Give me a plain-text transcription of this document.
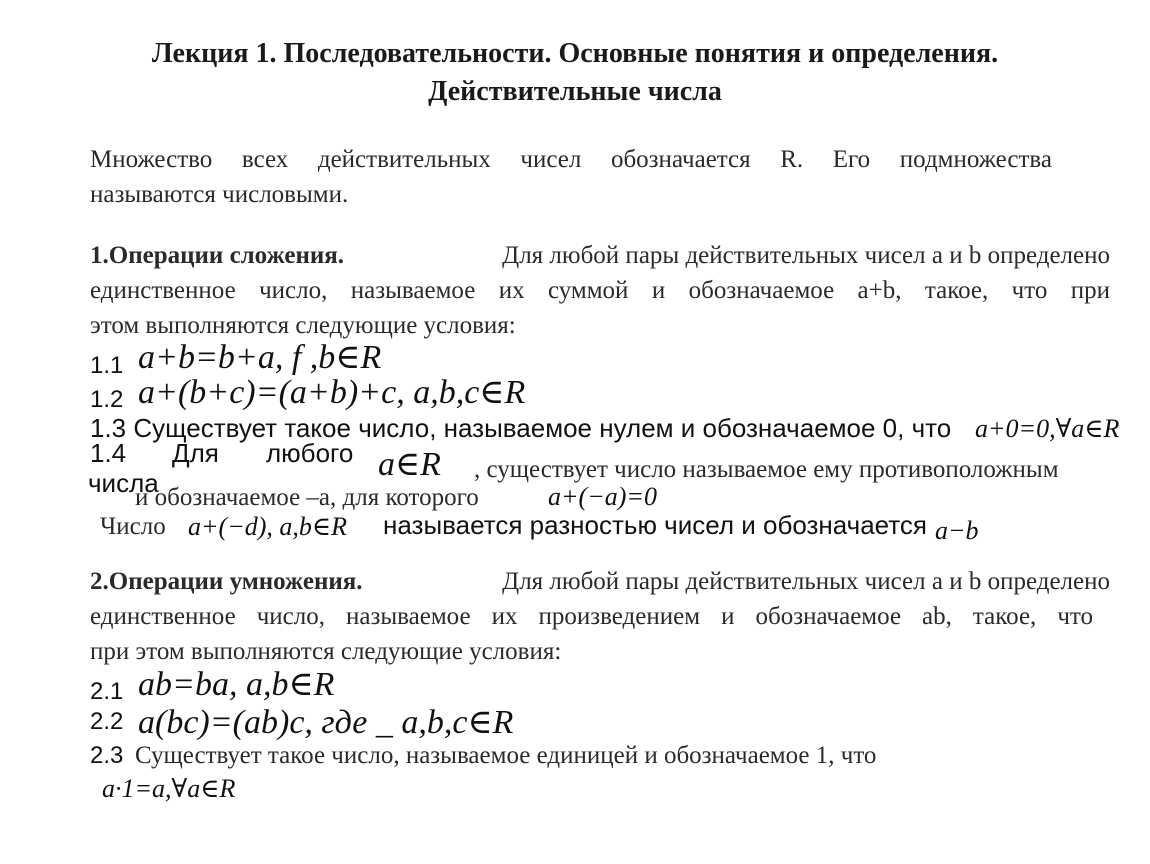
Лекция 1. Последовательности. Основные понятия и определения.
Действительные числа
Множество всех действительных чисел обозначается R. Его подмножества
называются числовыми.
1.Операции сложения.	Для любой пары действительных чисел a и b определено
единственное число, называемое их суммой и обозначаемое a+b, такое, что при
этом выполняются следующие условия:
1.1 a+b=b+a, f ,b∈R
1.2 a+(b+c)=(a+b)+c, a,b,c∈R
1.3 Существует такое число, называемое нулем и обозначаемое 0, что a+0=0,∀a∈R
1.4 Для любого a∈R , существует число называемое ему противоположным
числа
и обозначаемое –a, для которого	a+(−a)=0
Число a+(−d), a,b∈R называется разностью чисел и обозначается a−b
2.Операции умножения.	Для любой пары действительных чисел a и b определено
единственное число, называемое их произведением и обозначаемое ab, такое, что
при этом выполняются следующие условия:
2.1 ab=ba, a,b∈R
2.2 a(bc)=(ab)c, где _ a,b,c∈R
2.3 Существует такое число, называемое единицей и обозначаемое 1, что
a·1=a,∀a∈R
